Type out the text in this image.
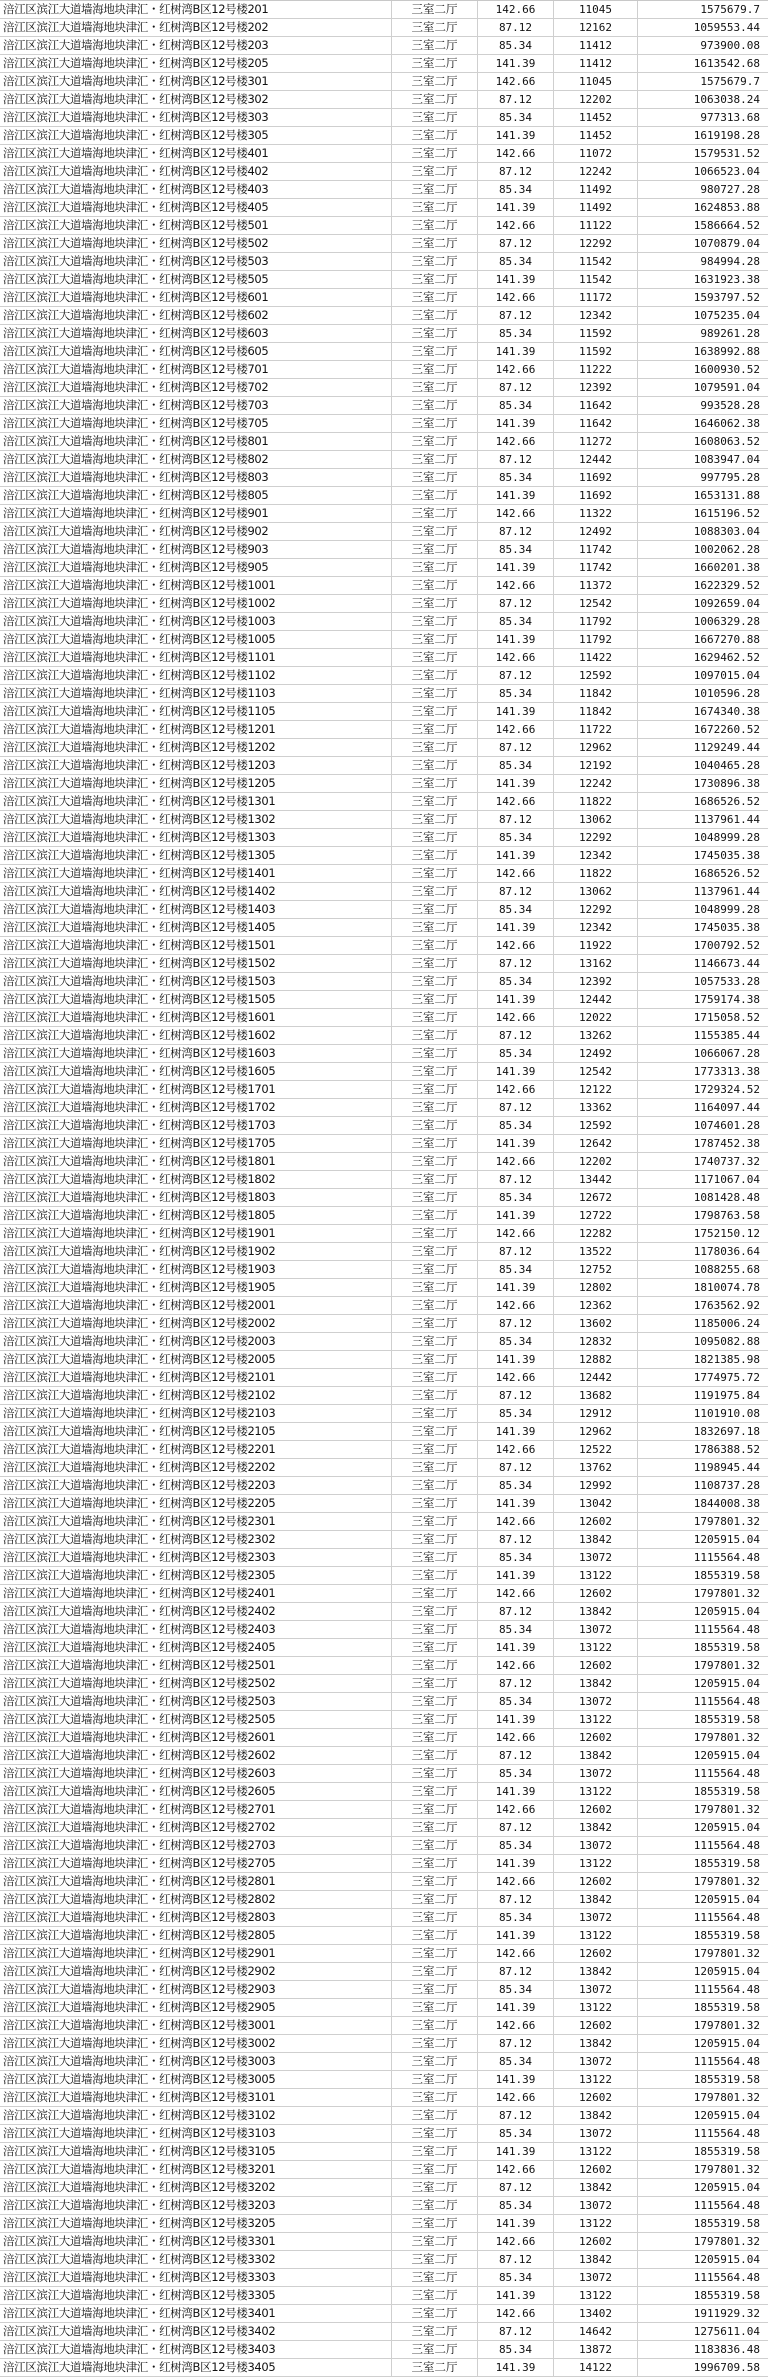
涪江区滨江大道墙海地块津汇・红树湾B区12号楼201	三室二厅	142.66	11045	1575679.7
涪江区滨江大道墙海地块津汇・红树湾B区12号楼202	三室二厅	87.12	12162	1059553.44
涪江区滨江大道墙海地块津汇・红树湾B区12号楼203	三室二厅	85.34	11412	973900.08
涪江区滨江大道墙海地块津汇・红树湾B区12号楼205	三室二厅	141.39	11412	1613542.68
涪江区滨江大道墙海地块津汇・红树湾B区12号楼301	三室二厅	142.66	11045	1575679.7
涪江区滨江大道墙海地块津汇・红树湾B区12号楼302	三室二厅	87.12	12202	1063038.24
涪江区滨江大道墙海地块津汇・红树湾B区12号楼303	三室二厅	85.34	11452	977313.68
涪江区滨江大道墙海地块津汇・红树湾B区12号楼305	三室二厅	141.39	11452	1619198.28
涪江区滨江大道墙海地块津汇・红树湾B区12号楼401	三室二厅	142.66	11072	1579531.52
涪江区滨江大道墙海地块津汇・红树湾B区12号楼402	三室二厅	87.12	12242	1066523.04
涪江区滨江大道墙海地块津汇・红树湾B区12号楼403	三室二厅	85.34	11492	980727.28
涪江区滨江大道墙海地块津汇・红树湾B区12号楼405	三室二厅	141.39	11492	1624853.88
涪江区滨江大道墙海地块津汇・红树湾B区12号楼501	三室二厅	142.66	11122	1586664.52
涪江区滨江大道墙海地块津汇・红树湾B区12号楼502	三室二厅	87.12	12292	1070879.04
涪江区滨江大道墙海地块津汇・红树湾B区12号楼503	三室二厅	85.34	11542	984994.28
涪江区滨江大道墙海地块津汇・红树湾B区12号楼505	三室二厅	141.39	11542	1631923.38
涪江区滨江大道墙海地块津汇・红树湾B区12号楼601	三室二厅	142.66	11172	1593797.52
涪江区滨江大道墙海地块津汇・红树湾B区12号楼602	三室二厅	87.12	12342	1075235.04
涪江区滨江大道墙海地块津汇・红树湾B区12号楼603	三室二厅	85.34	11592	989261.28
涪江区滨江大道墙海地块津汇・红树湾B区12号楼605	三室二厅	141.39	11592	1638992.88
涪江区滨江大道墙海地块津汇・红树湾B区12号楼701	三室二厅	142.66	11222	1600930.52
涪江区滨江大道墙海地块津汇・红树湾B区12号楼702	三室二厅	87.12	12392	1079591.04
涪江区滨江大道墙海地块津汇・红树湾B区12号楼703	三室二厅	85.34	11642	993528.28
涪江区滨江大道墙海地块津汇・红树湾B区12号楼705	三室二厅	141.39	11642	1646062.38
涪江区滨江大道墙海地块津汇・红树湾B区12号楼801	三室二厅	142.66	11272	1608063.52
涪江区滨江大道墙海地块津汇・红树湾B区12号楼802	三室二厅	87.12	12442	1083947.04
涪江区滨江大道墙海地块津汇・红树湾B区12号楼803	三室二厅	85.34	11692	997795.28
涪江区滨江大道墙海地块津汇・红树湾B区12号楼805	三室二厅	141.39	11692	1653131.88
涪江区滨江大道墙海地块津汇・红树湾B区12号楼901	三室二厅	142.66	11322	1615196.52
涪江区滨江大道墙海地块津汇・红树湾B区12号楼902	三室二厅	87.12	12492	1088303.04
涪江区滨江大道墙海地块津汇・红树湾B区12号楼903	三室二厅	85.34	11742	1002062.28
涪江区滨江大道墙海地块津汇・红树湾B区12号楼905	三室二厅	141.39	11742	1660201.38
涪江区滨江大道墙海地块津汇・红树湾B区12号楼1001	三室二厅	142.66	11372	1622329.52
涪江区滨江大道墙海地块津汇・红树湾B区12号楼1002	三室二厅	87.12	12542	1092659.04
涪江区滨江大道墙海地块津汇・红树湾B区12号楼1003	三室二厅	85.34	11792	1006329.28
涪江区滨江大道墙海地块津汇・红树湾B区12号楼1005	三室二厅	141.39	11792	1667270.88
涪江区滨江大道墙海地块津汇・红树湾B区12号楼1101	三室二厅	142.66	11422	1629462.52
涪江区滨江大道墙海地块津汇・红树湾B区12号楼1102	三室二厅	87.12	12592	1097015.04
涪江区滨江大道墙海地块津汇・红树湾B区12号楼1103	三室二厅	85.34	11842	1010596.28
涪江区滨江大道墙海地块津汇・红树湾B区12号楼1105	三室二厅	141.39	11842	1674340.38
涪江区滨江大道墙海地块津汇・红树湾B区12号楼1201	三室二厅	142.66	11722	1672260.52
涪江区滨江大道墙海地块津汇・红树湾B区12号楼1202	三室二厅	87.12	12962	1129249.44
涪江区滨江大道墙海地块津汇・红树湾B区12号楼1203	三室二厅	85.34	12192	1040465.28
涪江区滨江大道墙海地块津汇・红树湾B区12号楼1205	三室二厅	141.39	12242	1730896.38
涪江区滨江大道墙海地块津汇・红树湾B区12号楼1301	三室二厅	142.66	11822	1686526.52
涪江区滨江大道墙海地块津汇・红树湾B区12号楼1302	三室二厅	87.12	13062	1137961.44
涪江区滨江大道墙海地块津汇・红树湾B区12号楼1303	三室二厅	85.34	12292	1048999.28
涪江区滨江大道墙海地块津汇・红树湾B区12号楼1305	三室二厅	141.39	12342	1745035.38
涪江区滨江大道墙海地块津汇・红树湾B区12号楼1401	三室二厅	142.66	11822	1686526.52
涪江区滨江大道墙海地块津汇・红树湾B区12号楼1402	三室二厅	87.12	13062	1137961.44
涪江区滨江大道墙海地块津汇・红树湾B区12号楼1403	三室二厅	85.34	12292	1048999.28
涪江区滨江大道墙海地块津汇・红树湾B区12号楼1405	三室二厅	141.39	12342	1745035.38
涪江区滨江大道墙海地块津汇・红树湾B区12号楼1501	三室二厅	142.66	11922	1700792.52
涪江区滨江大道墙海地块津汇・红树湾B区12号楼1502	三室二厅	87.12	13162	1146673.44
涪江区滨江大道墙海地块津汇・红树湾B区12号楼1503	三室二厅	85.34	12392	1057533.28
涪江区滨江大道墙海地块津汇・红树湾B区12号楼1505	三室二厅	141.39	12442	1759174.38
涪江区滨江大道墙海地块津汇・红树湾B区12号楼1601	三室二厅	142.66	12022	1715058.52
涪江区滨江大道墙海地块津汇・红树湾B区12号楼1602	三室二厅	87.12	13262	1155385.44
涪江区滨江大道墙海地块津汇・红树湾B区12号楼1603	三室二厅	85.34	12492	1066067.28
涪江区滨江大道墙海地块津汇・红树湾B区12号楼1605	三室二厅	141.39	12542	1773313.38
涪江区滨江大道墙海地块津汇・红树湾B区12号楼1701	三室二厅	142.66	12122	1729324.52
涪江区滨江大道墙海地块津汇・红树湾B区12号楼1702	三室二厅	87.12	13362	1164097.44
涪江区滨江大道墙海地块津汇・红树湾B区12号楼1703	三室二厅	85.34	12592	1074601.28
涪江区滨江大道墙海地块津汇・红树湾B区12号楼1705	三室二厅	141.39	12642	1787452.38
涪江区滨江大道墙海地块津汇・红树湾B区12号楼1801	三室二厅	142.66	12202	1740737.32
涪江区滨江大道墙海地块津汇・红树湾B区12号楼1802	三室二厅	87.12	13442	1171067.04
涪江区滨江大道墙海地块津汇・红树湾B区12号楼1803	三室二厅	85.34	12672	1081428.48
涪江区滨江大道墙海地块津汇・红树湾B区12号楼1805	三室二厅	141.39	12722	1798763.58
涪江区滨江大道墙海地块津汇・红树湾B区12号楼1901	三室二厅	142.66	12282	1752150.12
涪江区滨江大道墙海地块津汇・红树湾B区12号楼1902	三室二厅	87.12	13522	1178036.64
涪江区滨江大道墙海地块津汇・红树湾B区12号楼1903	三室二厅	85.34	12752	1088255.68
涪江区滨江大道墙海地块津汇・红树湾B区12号楼1905	三室二厅	141.39	12802	1810074.78
涪江区滨江大道墙海地块津汇・红树湾B区12号楼2001	三室二厅	142.66	12362	1763562.92
涪江区滨江大道墙海地块津汇・红树湾B区12号楼2002	三室二厅	87.12	13602	1185006.24
涪江区滨江大道墙海地块津汇・红树湾B区12号楼2003	三室二厅	85.34	12832	1095082.88
涪江区滨江大道墙海地块津汇・红树湾B区12号楼2005	三室二厅	141.39	12882	1821385.98
涪江区滨江大道墙海地块津汇・红树湾B区12号楼2101	三室二厅	142.66	12442	1774975.72
涪江区滨江大道墙海地块津汇・红树湾B区12号楼2102	三室二厅	87.12	13682	1191975.84
涪江区滨江大道墙海地块津汇・红树湾B区12号楼2103	三室二厅	85.34	12912	1101910.08
涪江区滨江大道墙海地块津汇・红树湾B区12号楼2105	三室二厅	141.39	12962	1832697.18
涪江区滨江大道墙海地块津汇・红树湾B区12号楼2201	三室二厅	142.66	12522	1786388.52
涪江区滨江大道墙海地块津汇・红树湾B区12号楼2202	三室二厅	87.12	13762	1198945.44
涪江区滨江大道墙海地块津汇・红树湾B区12号楼2203	三室二厅	85.34	12992	1108737.28
涪江区滨江大道墙海地块津汇・红树湾B区12号楼2205	三室二厅	141.39	13042	1844008.38
涪江区滨江大道墙海地块津汇・红树湾B区12号楼2301	三室二厅	142.66	12602	1797801.32
涪江区滨江大道墙海地块津汇・红树湾B区12号楼2302	三室二厅	87.12	13842	1205915.04
涪江区滨江大道墙海地块津汇・红树湾B区12号楼2303	三室二厅	85.34	13072	1115564.48
涪江区滨江大道墙海地块津汇・红树湾B区12号楼2305	三室二厅	141.39	13122	1855319.58
涪江区滨江大道墙海地块津汇・红树湾B区12号楼2401	三室二厅	142.66	12602	1797801.32
涪江区滨江大道墙海地块津汇・红树湾B区12号楼2402	三室二厅	87.12	13842	1205915.04
涪江区滨江大道墙海地块津汇・红树湾B区12号楼2403	三室二厅	85.34	13072	1115564.48
涪江区滨江大道墙海地块津汇・红树湾B区12号楼2405	三室二厅	141.39	13122	1855319.58
涪江区滨江大道墙海地块津汇・红树湾B区12号楼2501	三室二厅	142.66	12602	1797801.32
涪江区滨江大道墙海地块津汇・红树湾B区12号楼2502	三室二厅	87.12	13842	1205915.04
涪江区滨江大道墙海地块津汇・红树湾B区12号楼2503	三室二厅	85.34	13072	1115564.48
涪江区滨江大道墙海地块津汇・红树湾B区12号楼2505	三室二厅	141.39	13122	1855319.58
涪江区滨江大道墙海地块津汇・红树湾B区12号楼2601	三室二厅	142.66	12602	1797801.32
涪江区滨江大道墙海地块津汇・红树湾B区12号楼2602	三室二厅	87.12	13842	1205915.04
涪江区滨江大道墙海地块津汇・红树湾B区12号楼2603	三室二厅	85.34	13072	1115564.48
涪江区滨江大道墙海地块津汇・红树湾B区12号楼2605	三室二厅	141.39	13122	1855319.58
涪江区滨江大道墙海地块津汇・红树湾B区12号楼2701	三室二厅	142.66	12602	1797801.32
涪江区滨江大道墙海地块津汇・红树湾B区12号楼2702	三室二厅	87.12	13842	1205915.04
涪江区滨江大道墙海地块津汇・红树湾B区12号楼2703	三室二厅	85.34	13072	1115564.48
涪江区滨江大道墙海地块津汇・红树湾B区12号楼2705	三室二厅	141.39	13122	1855319.58
涪江区滨江大道墙海地块津汇・红树湾B区12号楼2801	三室二厅	142.66	12602	1797801.32
涪江区滨江大道墙海地块津汇・红树湾B区12号楼2802	三室二厅	87.12	13842	1205915.04
涪江区滨江大道墙海地块津汇・红树湾B区12号楼2803	三室二厅	85.34	13072	1115564.48
涪江区滨江大道墙海地块津汇・红树湾B区12号楼2805	三室二厅	141.39	13122	1855319.58
涪江区滨江大道墙海地块津汇・红树湾B区12号楼2901	三室二厅	142.66	12602	1797801.32
涪江区滨江大道墙海地块津汇・红树湾B区12号楼2902	三室二厅	87.12	13842	1205915.04
涪江区滨江大道墙海地块津汇・红树湾B区12号楼2903	三室二厅	85.34	13072	1115564.48
涪江区滨江大道墙海地块津汇・红树湾B区12号楼2905	三室二厅	141.39	13122	1855319.58
涪江区滨江大道墙海地块津汇・红树湾B区12号楼3001	三室二厅	142.66	12602	1797801.32
涪江区滨江大道墙海地块津汇・红树湾B区12号楼3002	三室二厅	87.12	13842	1205915.04
涪江区滨江大道墙海地块津汇・红树湾B区12号楼3003	三室二厅	85.34	13072	1115564.48
涪江区滨江大道墙海地块津汇・红树湾B区12号楼3005	三室二厅	141.39	13122	1855319.58
涪江区滨江大道墙海地块津汇・红树湾B区12号楼3101	三室二厅	142.66	12602	1797801.32
涪江区滨江大道墙海地块津汇・红树湾B区12号楼3102	三室二厅	87.12	13842	1205915.04
涪江区滨江大道墙海地块津汇・红树湾B区12号楼3103	三室二厅	85.34	13072	1115564.48
涪江区滨江大道墙海地块津汇・红树湾B区12号楼3105	三室二厅	141.39	13122	1855319.58
涪江区滨江大道墙海地块津汇・红树湾B区12号楼3201	三室二厅	142.66	12602	1797801.32
涪江区滨江大道墙海地块津汇・红树湾B区12号楼3202	三室二厅	87.12	13842	1205915.04
涪江区滨江大道墙海地块津汇・红树湾B区12号楼3203	三室二厅	85.34	13072	1115564.48
涪江区滨江大道墙海地块津汇・红树湾B区12号楼3205	三室二厅	141.39	13122	1855319.58
涪江区滨江大道墙海地块津汇・红树湾B区12号楼3301	三室二厅	142.66	12602	1797801.32
涪江区滨江大道墙海地块津汇・红树湾B区12号楼3302	三室二厅	87.12	13842	1205915.04
涪江区滨江大道墙海地块津汇・红树湾B区12号楼3303	三室二厅	85.34	13072	1115564.48
涪江区滨江大道墙海地块津汇・红树湾B区12号楼3305	三室二厅	141.39	13122	1855319.58
涪江区滨江大道墙海地块津汇・红树湾B区12号楼3401	三室二厅	142.66	13402	1911929.32
涪江区滨江大道墙海地块津汇・红树湾B区12号楼3402	三室二厅	87.12	14642	1275611.04
涪江区滨江大道墙海地块津汇・红树湾B区12号楼3403	三室二厅	85.34	13872	1183836.48
涪江区滨江大道墙海地块津汇・红树湾B区12号楼3405	三室二厅	141.39	14122	1996709.58
